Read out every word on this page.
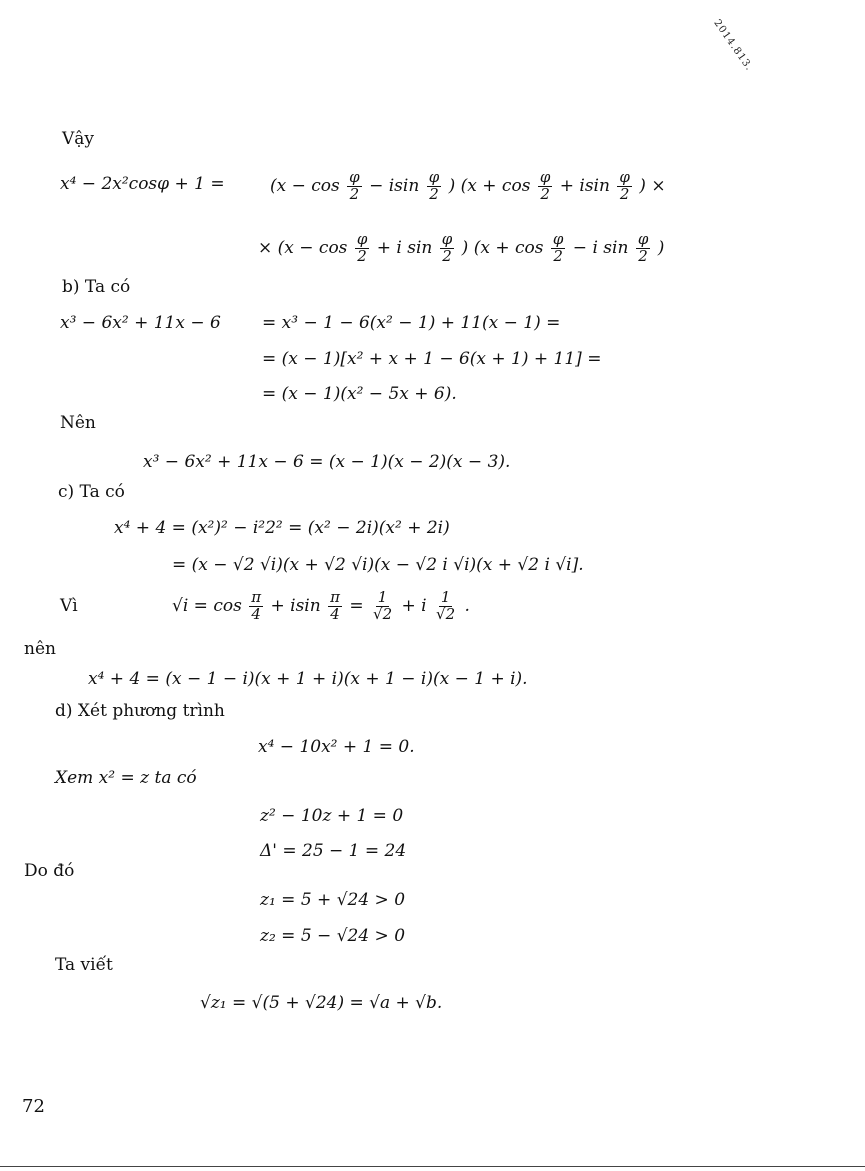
2014.813.
Vậy
x⁴ − 2x²cosφ + 1 =	($x - \cos \frac{\varphi}{2} - isin \frac{\varphi}{2}$ ) ($x + \cos \frac{\varphi}{2} + isin \frac{\varphi}{2}$ ) ×
× ($x - \cos \frac{\varphi}{2} + i$ $\sin \frac{\varphi}{2}$ ) ($x + \cos \frac{\varphi}{2} - i$ $\sin \frac{\varphi}{2}$ )
b) Ta có
x³ − 6x² + 11x − 6 = x³ − 1 − 6(x² − 1) + 11(x − 1) =
= (x − 1)[x² + x + 1 − 6(x + 1) + 11] =
= (x − 1)(x² − 5x + 6).
Nên
x³ − 6x² + 11x − 6 = (x − 1)(x − 2)(x − 3).
c) Ta có
x⁴ + 4 = (x²)² − i²2² = (x² − 2i)(x² + 2i)
= (x − √2 √i)(x + √2 √i)(x − √2 i √i)(x + √2 i √i].
Vì	$√i = \cos \frac{\pi}{4} + isin \frac{\pi}{4} = \frac{1}{√2} + i \frac{1}{√2}$ .
nên
x⁴ + 4 = (x − 1 − i)(x + 1 + i)(x + 1 − i)(x − 1 + i).
d) Xét phương trình
x⁴ − 10x² + 1 = 0.
Xem x² = z ta có
z² − 10z + 1 = 0
Δ' = 25 − 1 = 24
Do đó
z₁ = 5 + √24 > 0
z₂ = 5 − √24 > 0
Ta viết
√z₁ = √(5 + √24) = √a + √b.
72
